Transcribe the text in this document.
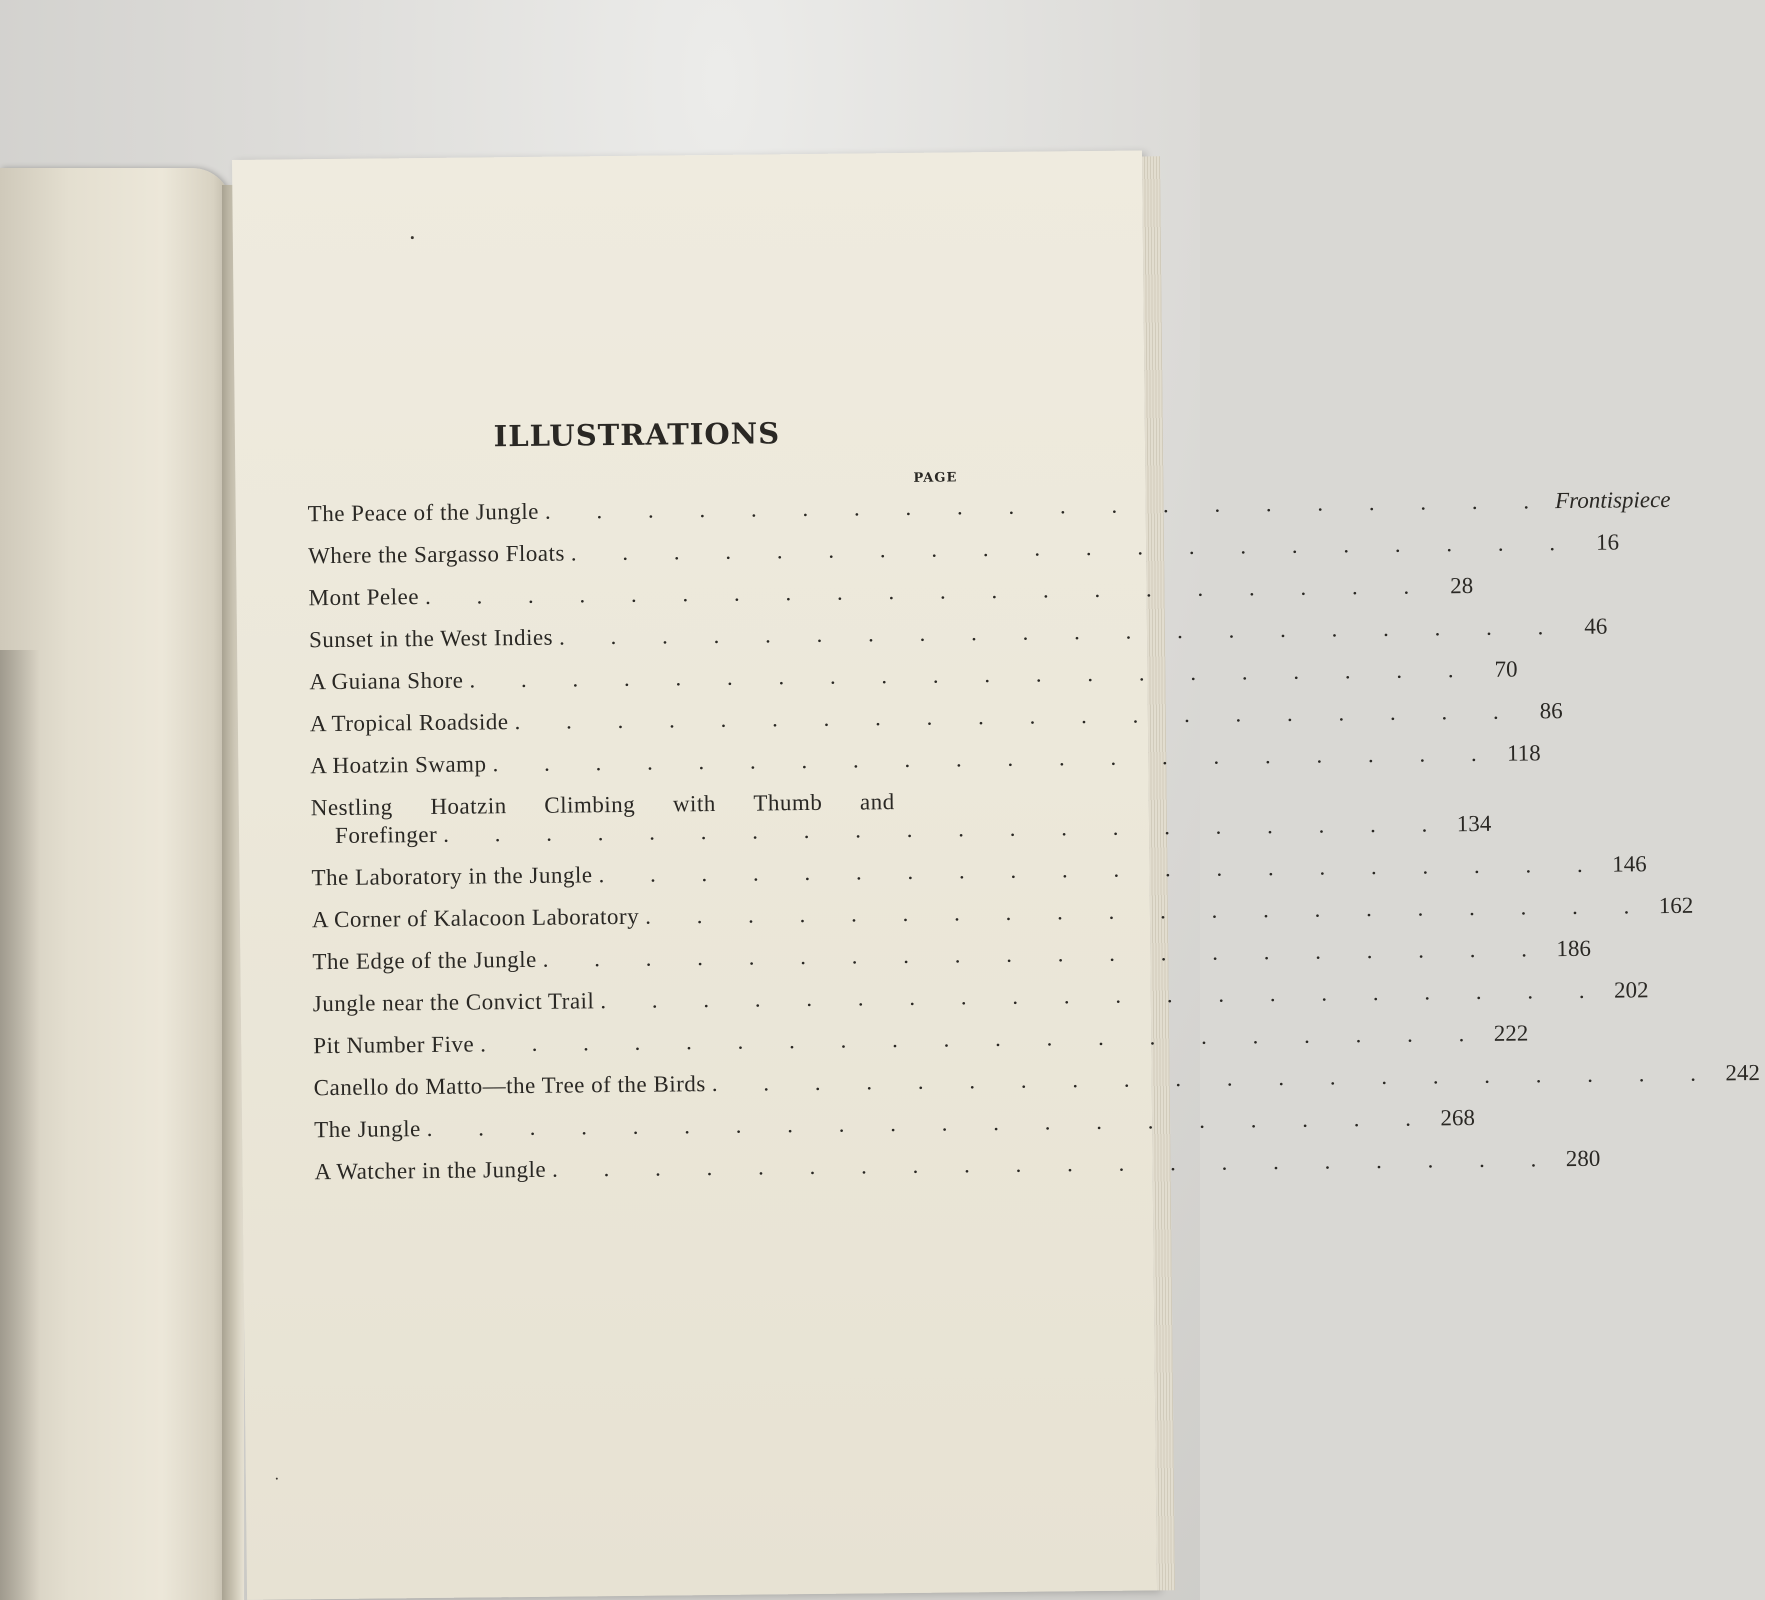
ILLUSTRATIONS
PAGE
The Peace of the Jungle . . . . . . . . . . . . . . . . . . . . Frontispiece
Where the Sargasso Floats . . . . . . . . . . . . . . . . . . . . 16
Mont Pelee . . . . . . . . . . . . . . . . . . . . 28
Sunset in the West Indies . . . . . . . . . . . . . . . . . . . . 46
A Guiana Shore . . . . . . . . . . . . . . . . . . . . 70
A Tropical Roadside . . . . . . . . . . . . . . . . . . . . 86
A Hoatzin Swamp . . . . . . . . . . . . . . . . . . . . 118
Nestling Hoatzin Climbing with Thumb and
Forefinger . . . . . . . . . . . . . . . . . . . . 134
The Laboratory in the Jungle . . . . . . . . . . . . . . . . . . . . 146
A Corner of Kalacoon Laboratory . . . . . . . . . . . . . . . . . . . . 162
The Edge of the Jungle . . . . . . . . . . . . . . . . . . . . 186
Jungle near the Convict Trail . . . . . . . . . . . . . . . . . . . . 202
Pit Number Five . . . . . . . . . . . . . . . . . . . . 222
Canello do Matto—the Tree of the Birds . . . . . . . . . . . . . . . . . . . . 242
The Jungle . . . . . . . . . . . . . . . . . . . . 268
A Watcher in the Jungle . . . . . . . . . . . . . . . . . . . . 280
